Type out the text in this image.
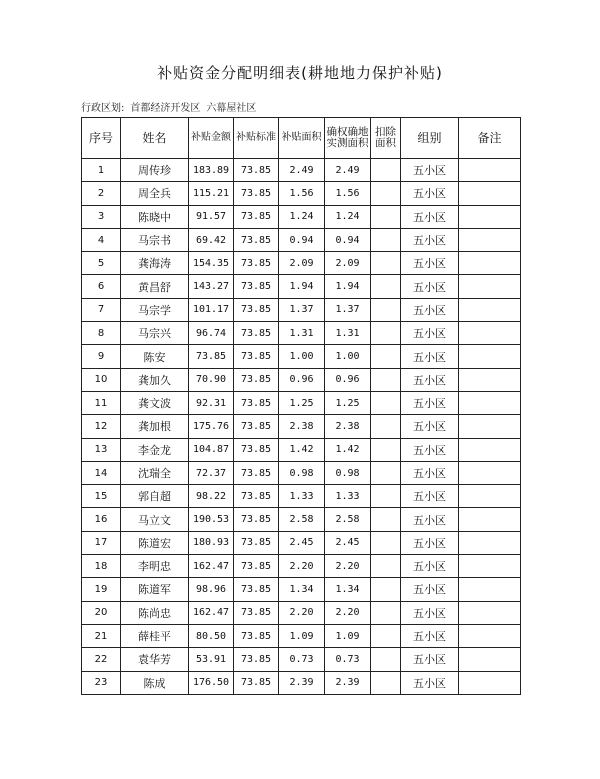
补贴资金分配明细表(耕地地力保护补贴)
行政区划: 首都经济开发区 六幕屋社区
序号	姓名	补贴金额	补贴标准	补贴面积	确权确地实测面积	扣除面积	组别	备注
1	周传珍	183.89	73.85	2.49	2.49		五小区	
2	周全兵	115.21	73.85	1.56	1.56		五小区	
3	陈晓中	91.57	73.85	1.24	1.24		五小区	
4	马宗书	69.42	73.85	0.94	0.94		五小区	
5	龚海涛	154.35	73.85	2.09	2.09		五小区	
6	黄昌舒	143.27	73.85	1.94	1.94		五小区	
7	马宗学	101.17	73.85	1.37	1.37		五小区	
8	马宗兴	96.74	73.85	1.31	1.31		五小区	
9	陈安	73.85	73.85	1.00	1.00		五小区	
10	龚加久	70.90	73.85	0.96	0.96		五小区	
11	龚文波	92.31	73.85	1.25	1.25		五小区	
12	龚加根	175.76	73.85	2.38	2.38		五小区	
13	李金龙	104.87	73.85	1.42	1.42		五小区	
14	沈瑞全	72.37	73.85	0.98	0.98		五小区	
15	郭自超	98.22	73.85	1.33	1.33		五小区	
16	马立文	190.53	73.85	2.58	2.58		五小区	
17	陈道宏	180.93	73.85	2.45	2.45		五小区	
18	李明忠	162.47	73.85	2.20	2.20		五小区	
19	陈道军	98.96	73.85	1.34	1.34		五小区	
20	陈尚忠	162.47	73.85	2.20	2.20		五小区	
21	薛桂平	80.50	73.85	1.09	1.09		五小区	
22	袁华芳	53.91	73.85	0.73	0.73		五小区	
23	陈成	176.50	73.85	2.39	2.39		五小区	
